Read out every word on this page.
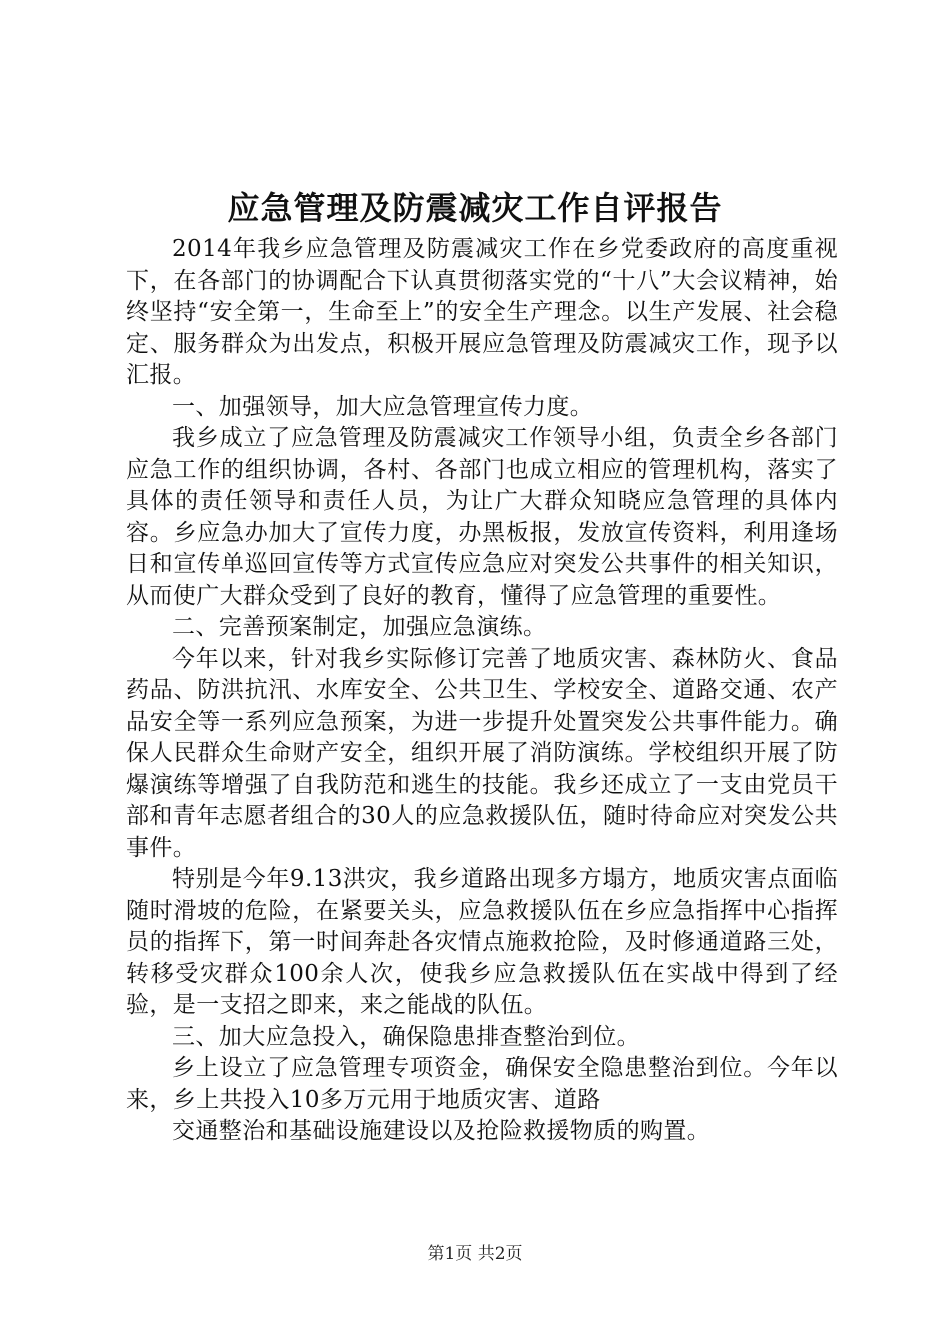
应急管理及防震减灾工作自评报告

2014年我乡应急管理及防震减灾工作在乡党委政府的高度重视下，在各部门的协调配合下认真贯彻落实党的“十八”大会议精神，始终坚持“安全第一，生命至上”的安全生产理念。以生产发展、社会稳定、服务群众为出发点，积极开展应急管理及防震减灾工作，现予以汇报。

一、加强领导，加大应急管理宣传力度。

我乡成立了应急管理及防震减灾工作领导小组，负责全乡各部门应急工作的组织协调，各村、各部门也成立相应的管理机构，落实了具体的责任领导和责任人员，为让广大群众知晓应急管理的具体内容。乡应急办加大了宣传力度，办黑板报，发放宣传资料，利用逢场日和宣传单巡回宣传等方式宣传应急应对突发公共事件的相关知识，从而使广大群众受到了良好的教育，懂得了应急管理的重要性。

二、完善预案制定，加强应急演练。

今年以来，针对我乡实际修订完善了地质灾害、森林防火、食品药品、防洪抗汛、水库安全、公共卫生、学校安全、道路交通、农产品安全等一系列应急预案，为进一步提升处置突发公共事件能力。确保人民群众生命财产安全，组织开展了消防演练。学校组织开展了防爆演练等增强了自我防范和逃生的技能。我乡还成立了一支由党员干部和青年志愿者组合的30人的应急救援队伍，随时待命应对突发公共事件。

特别是今年9.13洪灾，我乡道路出现多方塌方，地质灾害点面临随时滑坡的危险，在紧要关头，应急救援队伍在乡应急指挥中心指挥员的指挥下，第一时间奔赴各灾情点施救抢险，及时修通道路三处，转移受灾群众100余人次，使我乡应急救援队伍在实战中得到了经验，是一支招之即来，来之能战的队伍。

三、加大应急投入，确保隐患排查整治到位。

乡上设立了应急管理专项资金，确保安全隐患整治到位。今年以来，乡上共投入10多万元用于地质灾害、道路

交通整治和基础设施建设以及抢险救援物质的购置。

第1页 共2页
